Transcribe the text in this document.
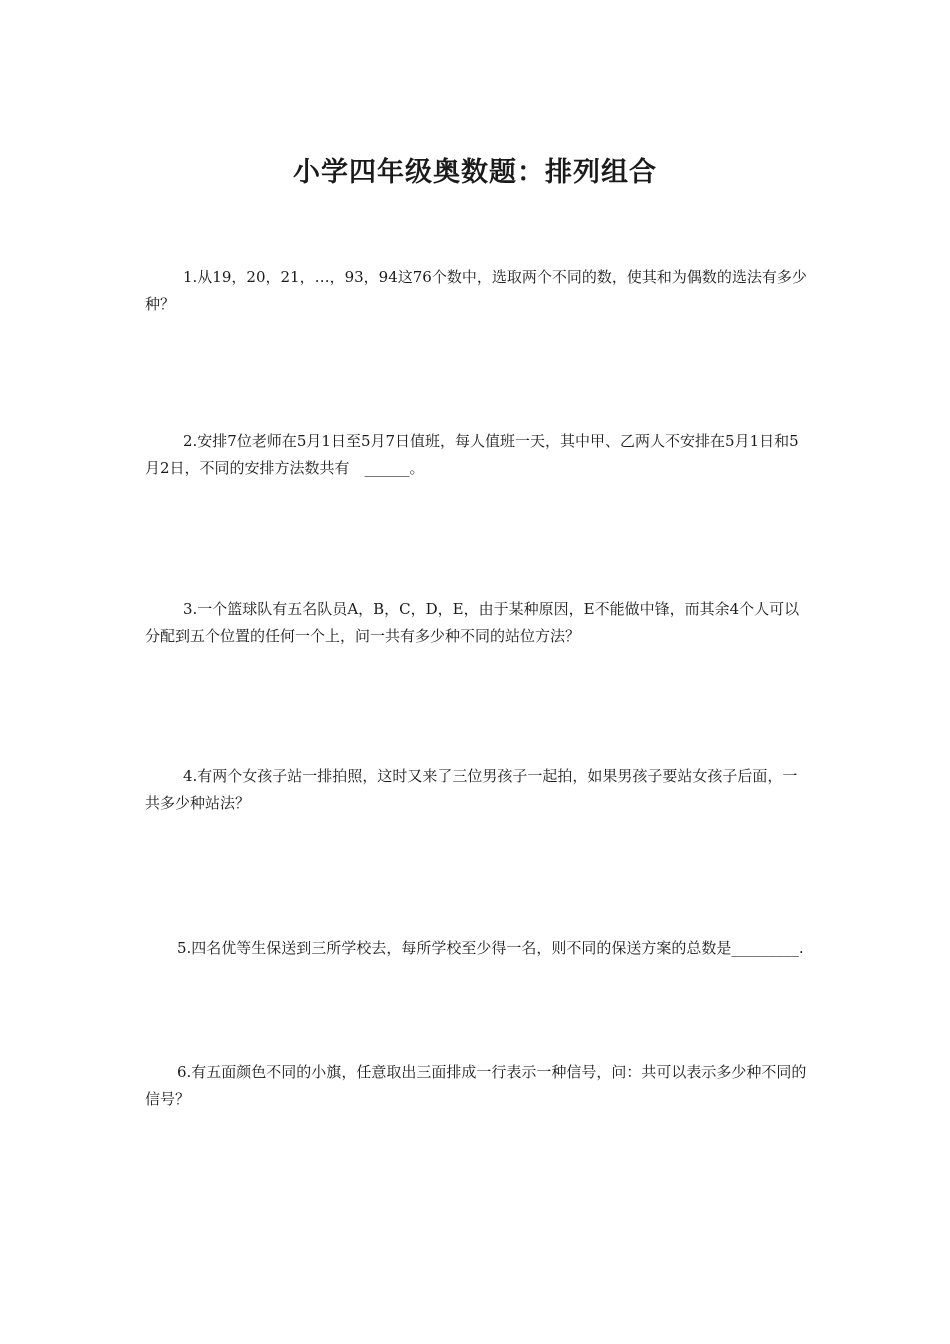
小学四年级奥数题：排列组合

1.从19，20，21，…，93，94这76个数中，选取两个不同的数，使其和为偶数的选法有多少种？

2.安排7位老师在5月1日至5月7日值班，每人值班一天，其中甲、乙两人不安排在5月1日和5月2日，不同的安排方法数共有　______。

3.一个篮球队有五名队员A，B，C，D，E，由于某种原因，E不能做中锋，而其余4个人可以分配到五个位置的任何一个上，问一共有多少种不同的站位方法？

4.有两个女孩子站一排拍照，这时又来了三位男孩子一起拍，如果男孩子要站女孩子后面，一共多少种站法？

5.四名优等生保送到三所学校去，每所学校至少得一名，则不同的保送方案的总数是_________.

6.有五面颜色不同的小旗，任意取出三面排成一行表示一种信号，问：共可以表示多少种不同的信号？
